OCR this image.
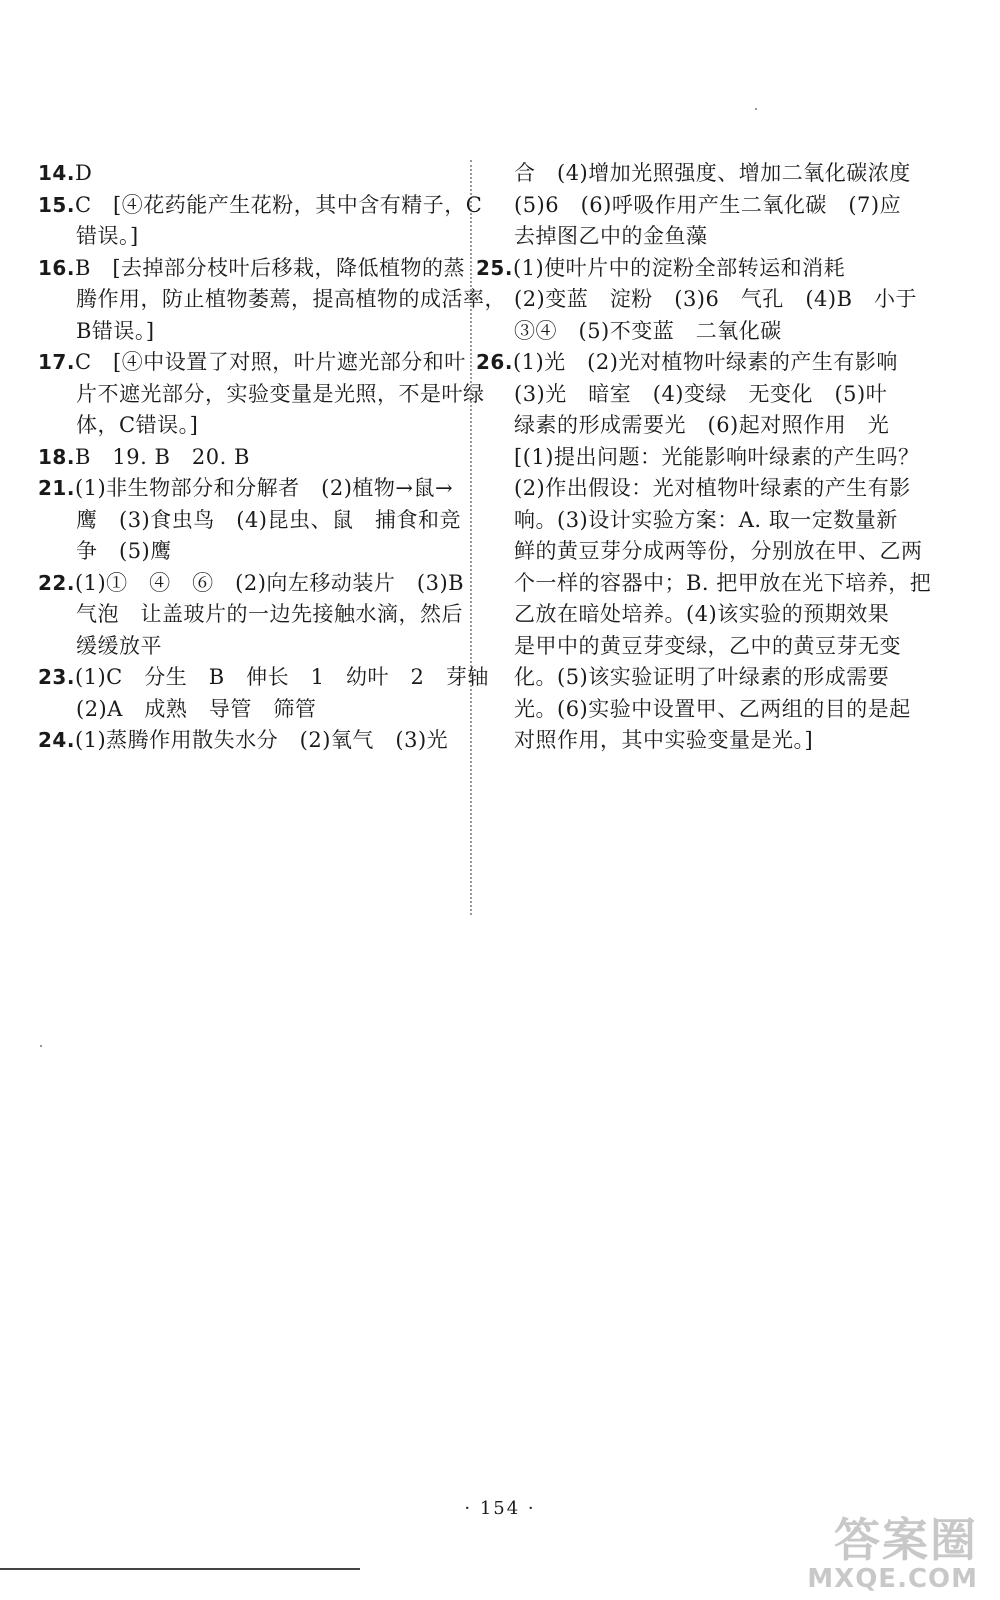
14.D
15.C　[④花药能产生花粉，其中含有精子，C
错误。]
16.B　[去掉部分枝叶后移栽，降低植物的蒸
腾作用，防止植物萎蔫，提高植物的成活率，
B错误。]
17.C　[④中设置了对照，叶片遮光部分和叶
片不遮光部分，实验变量是光照，不是叶绿
体，C错误。]
18.B　19. B　20. B
21.(1)非生物部分和分解者　(2)植物→鼠→
鹰　(3)食虫鸟　(4)昆虫、鼠　捕食和竞
争　(5)鹰
22.(1)①　④　⑥　(2)向左移动装片　(3)B
气泡　让盖玻片的一边先接触水滴，然后
缓缓放平
23.(1)C　分生　B　伸长　1　幼叶　2　芽轴
(2)A　成熟　导管　筛管
24.(1)蒸腾作用散失水分　(2)氧气　(3)光
合　(4)增加光照强度、增加二氧化碳浓度
(5)6　(6)呼吸作用产生二氧化碳　(7)应
去掉图乙中的金鱼藻
25.(1)使叶片中的淀粉全部转运和消耗
(2)变蓝　淀粉　(3)6　气孔　(4)B　小于
③④　(5)不变蓝　二氧化碳
26.(1)光　(2)光对植物叶绿素的产生有影响
(3)光　暗室　(4)变绿　无变化　(5)叶
绿素的形成需要光　(6)起对照作用　光
[(1)提出问题：光能影响叶绿素的产生吗？
(2)作出假设：光对植物叶绿素的产生有影
响。(3)设计实验方案：A. 取一定数量新
鲜的黄豆芽分成两等份，分别放在甲、乙两
个一样的容器中；B. 把甲放在光下培养，把
乙放在暗处培养。(4)该实验的预期效果
是甲中的黄豆芽变绿，乙中的黄豆芽无变
化。(5)该实验证明了叶绿素的形成需要
光。(6)实验中设置甲、乙两组的目的是起
对照作用，其中实验变量是光。]
· 154 ·
答案圈
MXQE.COM
